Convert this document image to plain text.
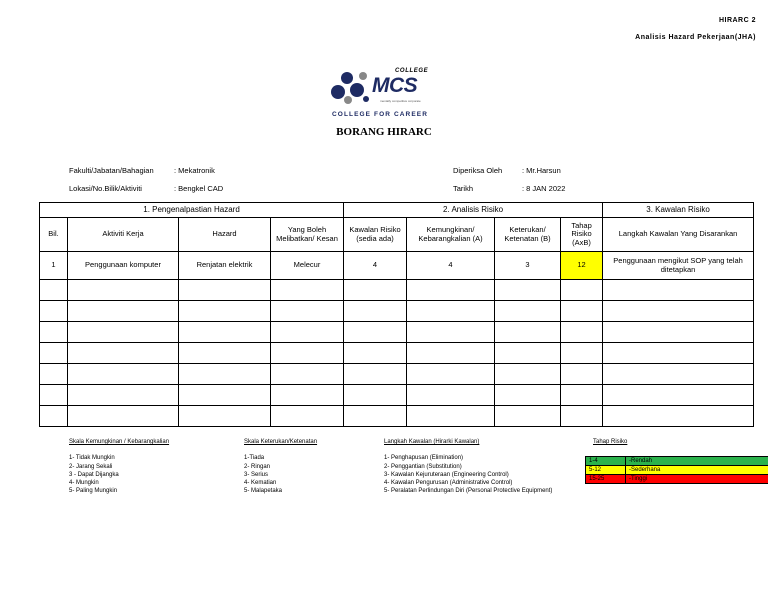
HIRARC 2
Analisis Hazard Pekerjaan(JHA)
COLLEGE
MCS
mentally competitive corporate
COLLEGE FOR CAREER
BORANG HIRARC
Fakulti/Jabatan/Bahagian	: Mekatronik
Lokasi/No.Bilik/Aktiviti	: Bengkel CAD
Diperiksa Oleh	: Mr.Harsun
Tarikh	: 8 JAN 2022
1. Pengenalpastian Hazard				2. Analisis Risiko				3. Kawalan Risiko
Bil.	Aktiviti Kerja	Hazard	Yang Boleh Melibatkan/ Kesan	Kawalan Risiko (sedia ada)	Kemungkinan/ Kebarangkalian (A)	Keterukan/ Ketenatan (B)	Tahap Risiko (AxB)	Langkah Kawalan Yang Disarankan
1	Penggunaan komputer	Renjatan elektrik	Melecur	4	4	3	12	Penggunaan mengikut SOP yang telah ditetapkan

Skala Kemungkinan / Kebarangkalian
1- Tidak Mungkin
2- Jarang Sekali
3 - Dapat Dijangka
4- Mungkin
5- Paling Mungkin
Skala Keterukan/Ketenatan
1-Tiada
2- Ringan
3- Serius
4- Kematian
5- Malapetaka
Langkah Kawalan (Hirarki Kawalan)
1- Penghapusan (Elimination)
2- Penggantian (Substitution)
3- Kawalan Kejuruteraan (Engineering Control)
4- Kawalan Pengurusan (Administrative Control)
5- Peralatan Perlindungan Diri (Personal Protective Equipment)
Tahap Risiko
1-4	-Rendah
5-12	-Sederhana
15-25	-Tinggi
